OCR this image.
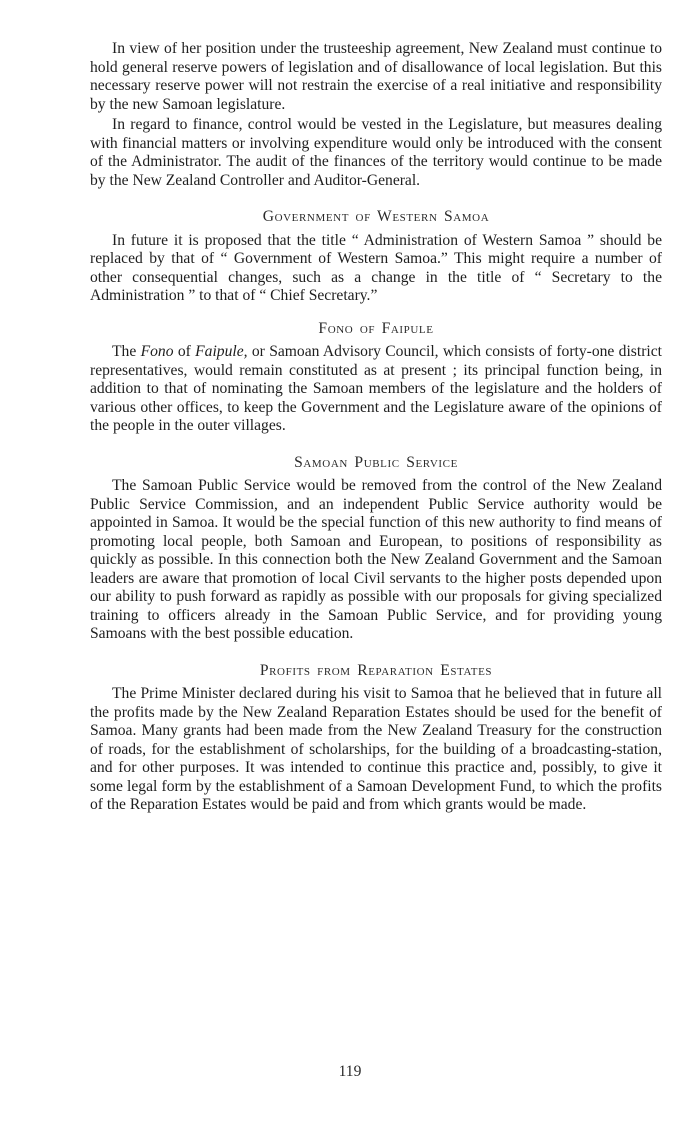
In view of her position under the trusteeship agreement, New Zealand must continue to hold general reserve powers of legislation and of disallowance of local legislation. But this necessary reserve power will not restrain the exercise of a real initiative and responsibility by the new Samoan legislature.

In regard to finance, control would be vested in the Legislature, but measures dealing with financial matters or involving expenditure would only be introduced with the consent of the Administrator. The audit of the finances of the territory would continue to be made by the New Zealand Controller and Auditor-General.

Government of Western Samoa

In future it is proposed that the title “ Administration of Western Samoa ” should be replaced by that of “ Government of Western Samoa.” This might require a number of other consequential changes, such as a change in the title of “ Secretary to the Administration ” to that of “ Chief Secretary.”

Fono of Faipule

The Fono of Faipule, or Samoan Advisory Council, which consists of forty-one district representatives, would remain constituted as at present ; its principal function being, in addition to that of nominating the Samoan members of the legislature and the holders of various other offices, to keep the Government and the Legislature aware of the opinions of the people in the outer villages.

Samoan Public Service

The Samoan Public Service would be removed from the control of the New Zealand Public Service Commission, and an independent Public Service authority would be appointed in Samoa. It would be the special function of this new authority to find means of promoting local people, both Samoan and European, to positions of responsibility as quickly as possible. In this connection both the New Zealand Government and the Samoan leaders are aware that promotion of local Civil servants to the higher posts depended upon our ability to push forward as rapidly as possible with our proposals for giving specialized training to officers already in the Samoan Public Service, and for providing young Samoans with the best possible education.

Profits from Reparation Estates

The Prime Minister declared during his visit to Samoa that he believed that in future all the profits made by the New Zealand Reparation Estates should be used for the benefit of Samoa. Many grants had been made from the New Zealand Treasury for the construction of roads, for the establishment of scholarships, for the building of a broadcasting-station, and for other purposes. It was intended to continue this practice and, possibly, to give it some legal form by the establishment of a Samoan Development Fund, to which the profits of the Reparation Estates would be paid and from which grants would be made.

119
